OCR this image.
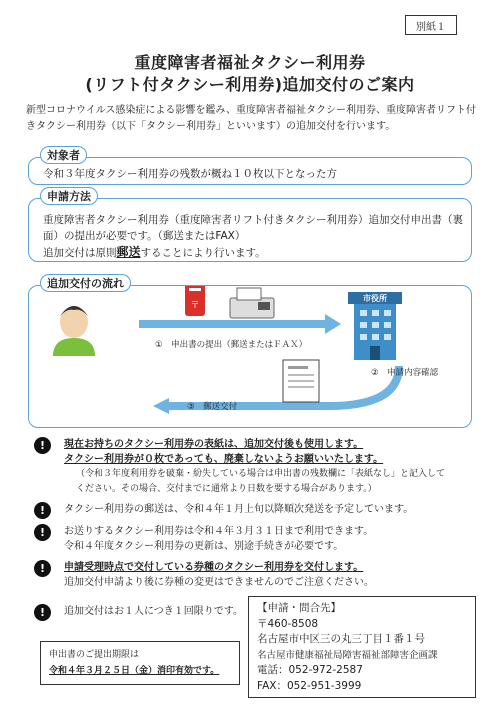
別紙１
重度障害者福祉タクシー利用券
(リフト付タクシー利用券)追加交付のご案内
新型コロナウイルス感染症による影響を鑑み、重度障害者福祉タクシー利用券、重度障害者リフト付きタクシー利用券（以下「タクシー利用券」といいます）の追加交付を行います。
令和３年度タクシー利用券の残数が概ね１０枚以下となった方
対象者
重度障害者タクシー利用券（重度障害者リフト付きタクシー利用券）追加交付申出書（裏面）の提出が必要です。（郵送またはFAX）
追加交付は原則郵送することにより行います。
申請方法
〒
市役所
①　申出書の提出（郵送またはＦＡＸ）
②　申請内容確認
③　郵送交付
追加交付の流れ
!	現在お持ちのタクシー利用券の表紙は、追加交付後も使用します。
タクシー利用券が０枚であっても、廃棄しないようお願いいたします。
（令和３年度利用券を破棄・紛失している場合は申出書の残数欄に「表紙なし」と記入して
ください。その場合、交付までに通常より日数を要する場合があります。）
!	タクシー利用券の郵送は、令和４年１月上旬以降順次発送を予定しています。
!	お送りするタクシー利用券は令和４年３月３１日まで利用できます。
令和４年度タクシー利用券の更新は、別途手続きが必要です。
!	申請受理時点で交付している券種のタクシー利用券を交付します。
追加交付申請より後に券種の変更はできませんのでご注意ください。
!	追加交付はお１人につき１回限りです。
申出書のご提出期限は
令和４年３月２５日（金）消印有効です。
【申請・問合先】
〒460-8508
名古屋市中区三の丸三丁目１番１号
名古屋市健康福祉局障害福祉部障害企画課
電話：052-972-2587
FAX：052-951-3999
